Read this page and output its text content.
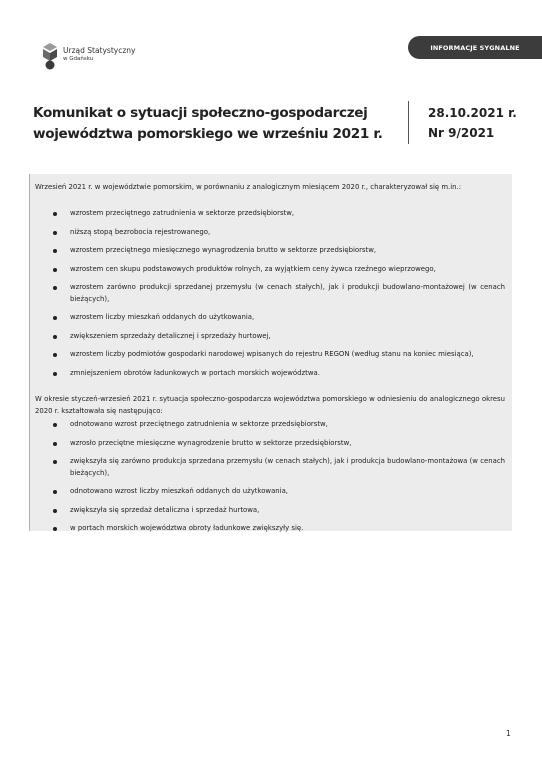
Urząd Statystyczny
w Gdańsku
INFORMACJE SYGNALNE
Komunikat o sytuacji społeczno-gospodarczej
województwa pomorskiego we wrześniu 2021 r.
28.10.2021 r.
Nr 9/2021

Wrzesień 2021 r. w województwie pomorskim, w porównaniu z analogicznym miesiącem 2020 r., charakteryzował się m.in.:

wzrostem przeciętnego zatrudnienia w sektorze przedsiębiorstw,
niższą stopą bezrobocia rejestrowanego,
wzrostem przeciętnego miesięcznego wynagrodzenia brutto w sektorze przedsiębiorstw,
wzrostem cen skupu podstawowych produktów rolnych, za wyjątkiem ceny żywca rzeźnego wieprzowego,
wzrostem zarówno produkcji sprzedanej przemysłu (w cenach stałych), jak i produkcji budowlano-montażowej (w cenach bieżących),
wzrostem liczby mieszkań oddanych do użytkowania,
zwiększeniem sprzedaży detalicznej i sprzedaży hurtowej,
wzrostem liczby podmiotów gospodarki narodowej wpisanych do rejestru REGON (według stanu na koniec miesiąca),
zmniejszeniem obrotów ładunkowych w portach morskich województwa.

W okresie styczeń-wrzesień 2021 r. sytuacja społeczno-gospodarcza województwa pomorskiego w odniesieniu do analogicznego okresu 2020 r. kształtowała się następująco:

odnotowano wzrost przeciętnego zatrudnienia w sektorze przedsiębiorstw,
wzrosło przeciętne miesięczne wynagrodzenie brutto w sektorze przedsiębiorstw,
zwiększyła się zarówno produkcja sprzedana przemysłu (w cenach stałych), jak i produkcja budowlano-montażowa (w cenach bieżących),
odnotowano wzrost liczby mieszkań oddanych do użytkowania,
zwiększyła się sprzedaż detaliczna i sprzedaż hurtowa,
w portach morskich województwa obroty ładunkowe zwiększyły się.
1
